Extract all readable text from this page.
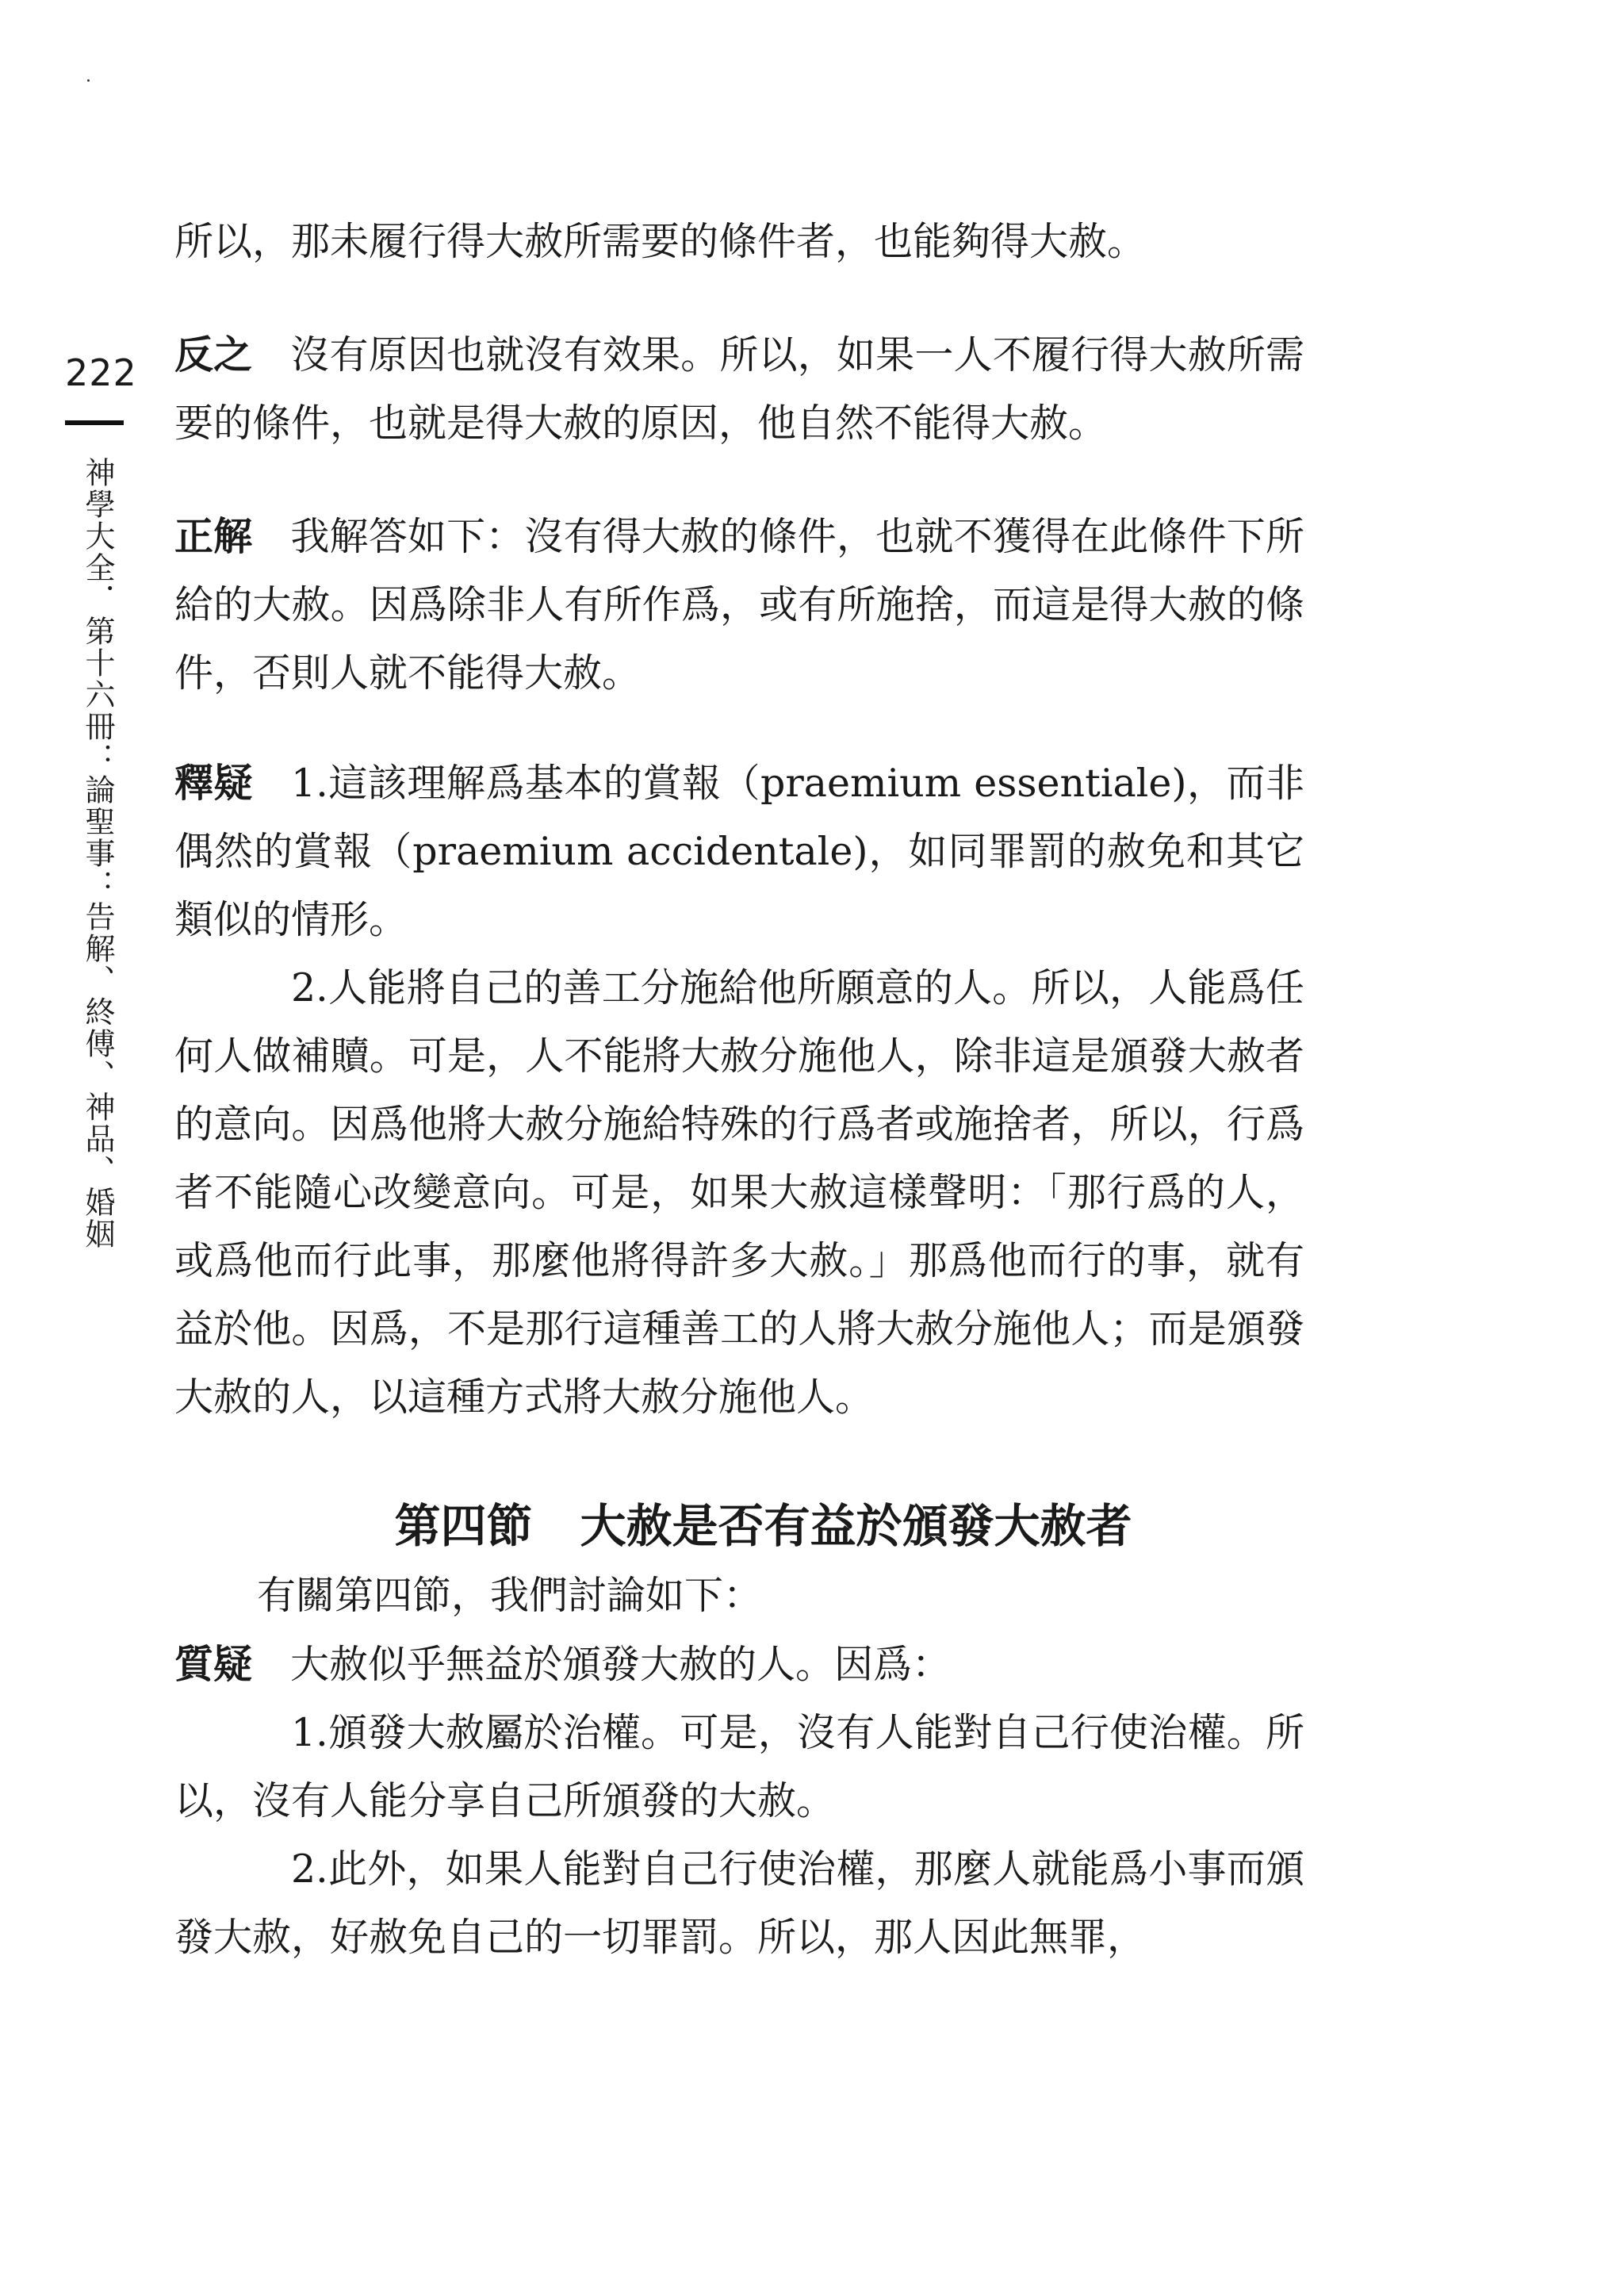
222
神學大全．第十六冊：論聖事：告解、終傅、神品、婚姻

所以，那未履行得大赦所需要的條件者，也能夠得大赦。

反之 沒有原因也就沒有效果。所以，如果一人不履行得大赦所需要的條件，也就是得大赦的原因，他自然不能得大赦。

正解 我解答如下：沒有得大赦的條件，也就不獲得在此條件下所給的大赦。因爲除非人有所作爲，或有所施捨，而這是得大赦的條件，否則人就不能得大赦。

釋疑 1.這該理解爲基本的賞報（praemium essentiale)，而非偶然的賞報（praemium accidentale)，如同罪罰的赦免和其它類似的情形。

2.人能將自己的善工分施給他所願意的人。所以，人能爲任何人做補贖。可是，人不能將大赦分施他人，除非這是頒發大赦者的意向。因爲他將大赦分施給特殊的行爲者或施捨者，所以，行爲者不能隨心改變意向。可是，如果大赦這樣聲明：「那行爲的人，或爲他而行此事，那麼他將得許多大赦。」那爲他而行的事，就有益於他。因爲，不是那行這種善工的人將大赦分施他人；而是頒發大赦的人，以這種方式將大赦分施他人。

第四節 大赦是否有益於頒發大赦者

有關第四節，我們討論如下：

質疑 大赦似乎無益於頒發大赦的人。因爲：

1.頒發大赦屬於治權。可是，沒有人能對自己行使治權。所以，沒有人能分享自己所頒發的大赦。

2.此外，如果人能對自己行使治權，那麼人就能爲小事而頒發大赦，好赦免自己的一切罪罰。所以，那人因此無罪，
